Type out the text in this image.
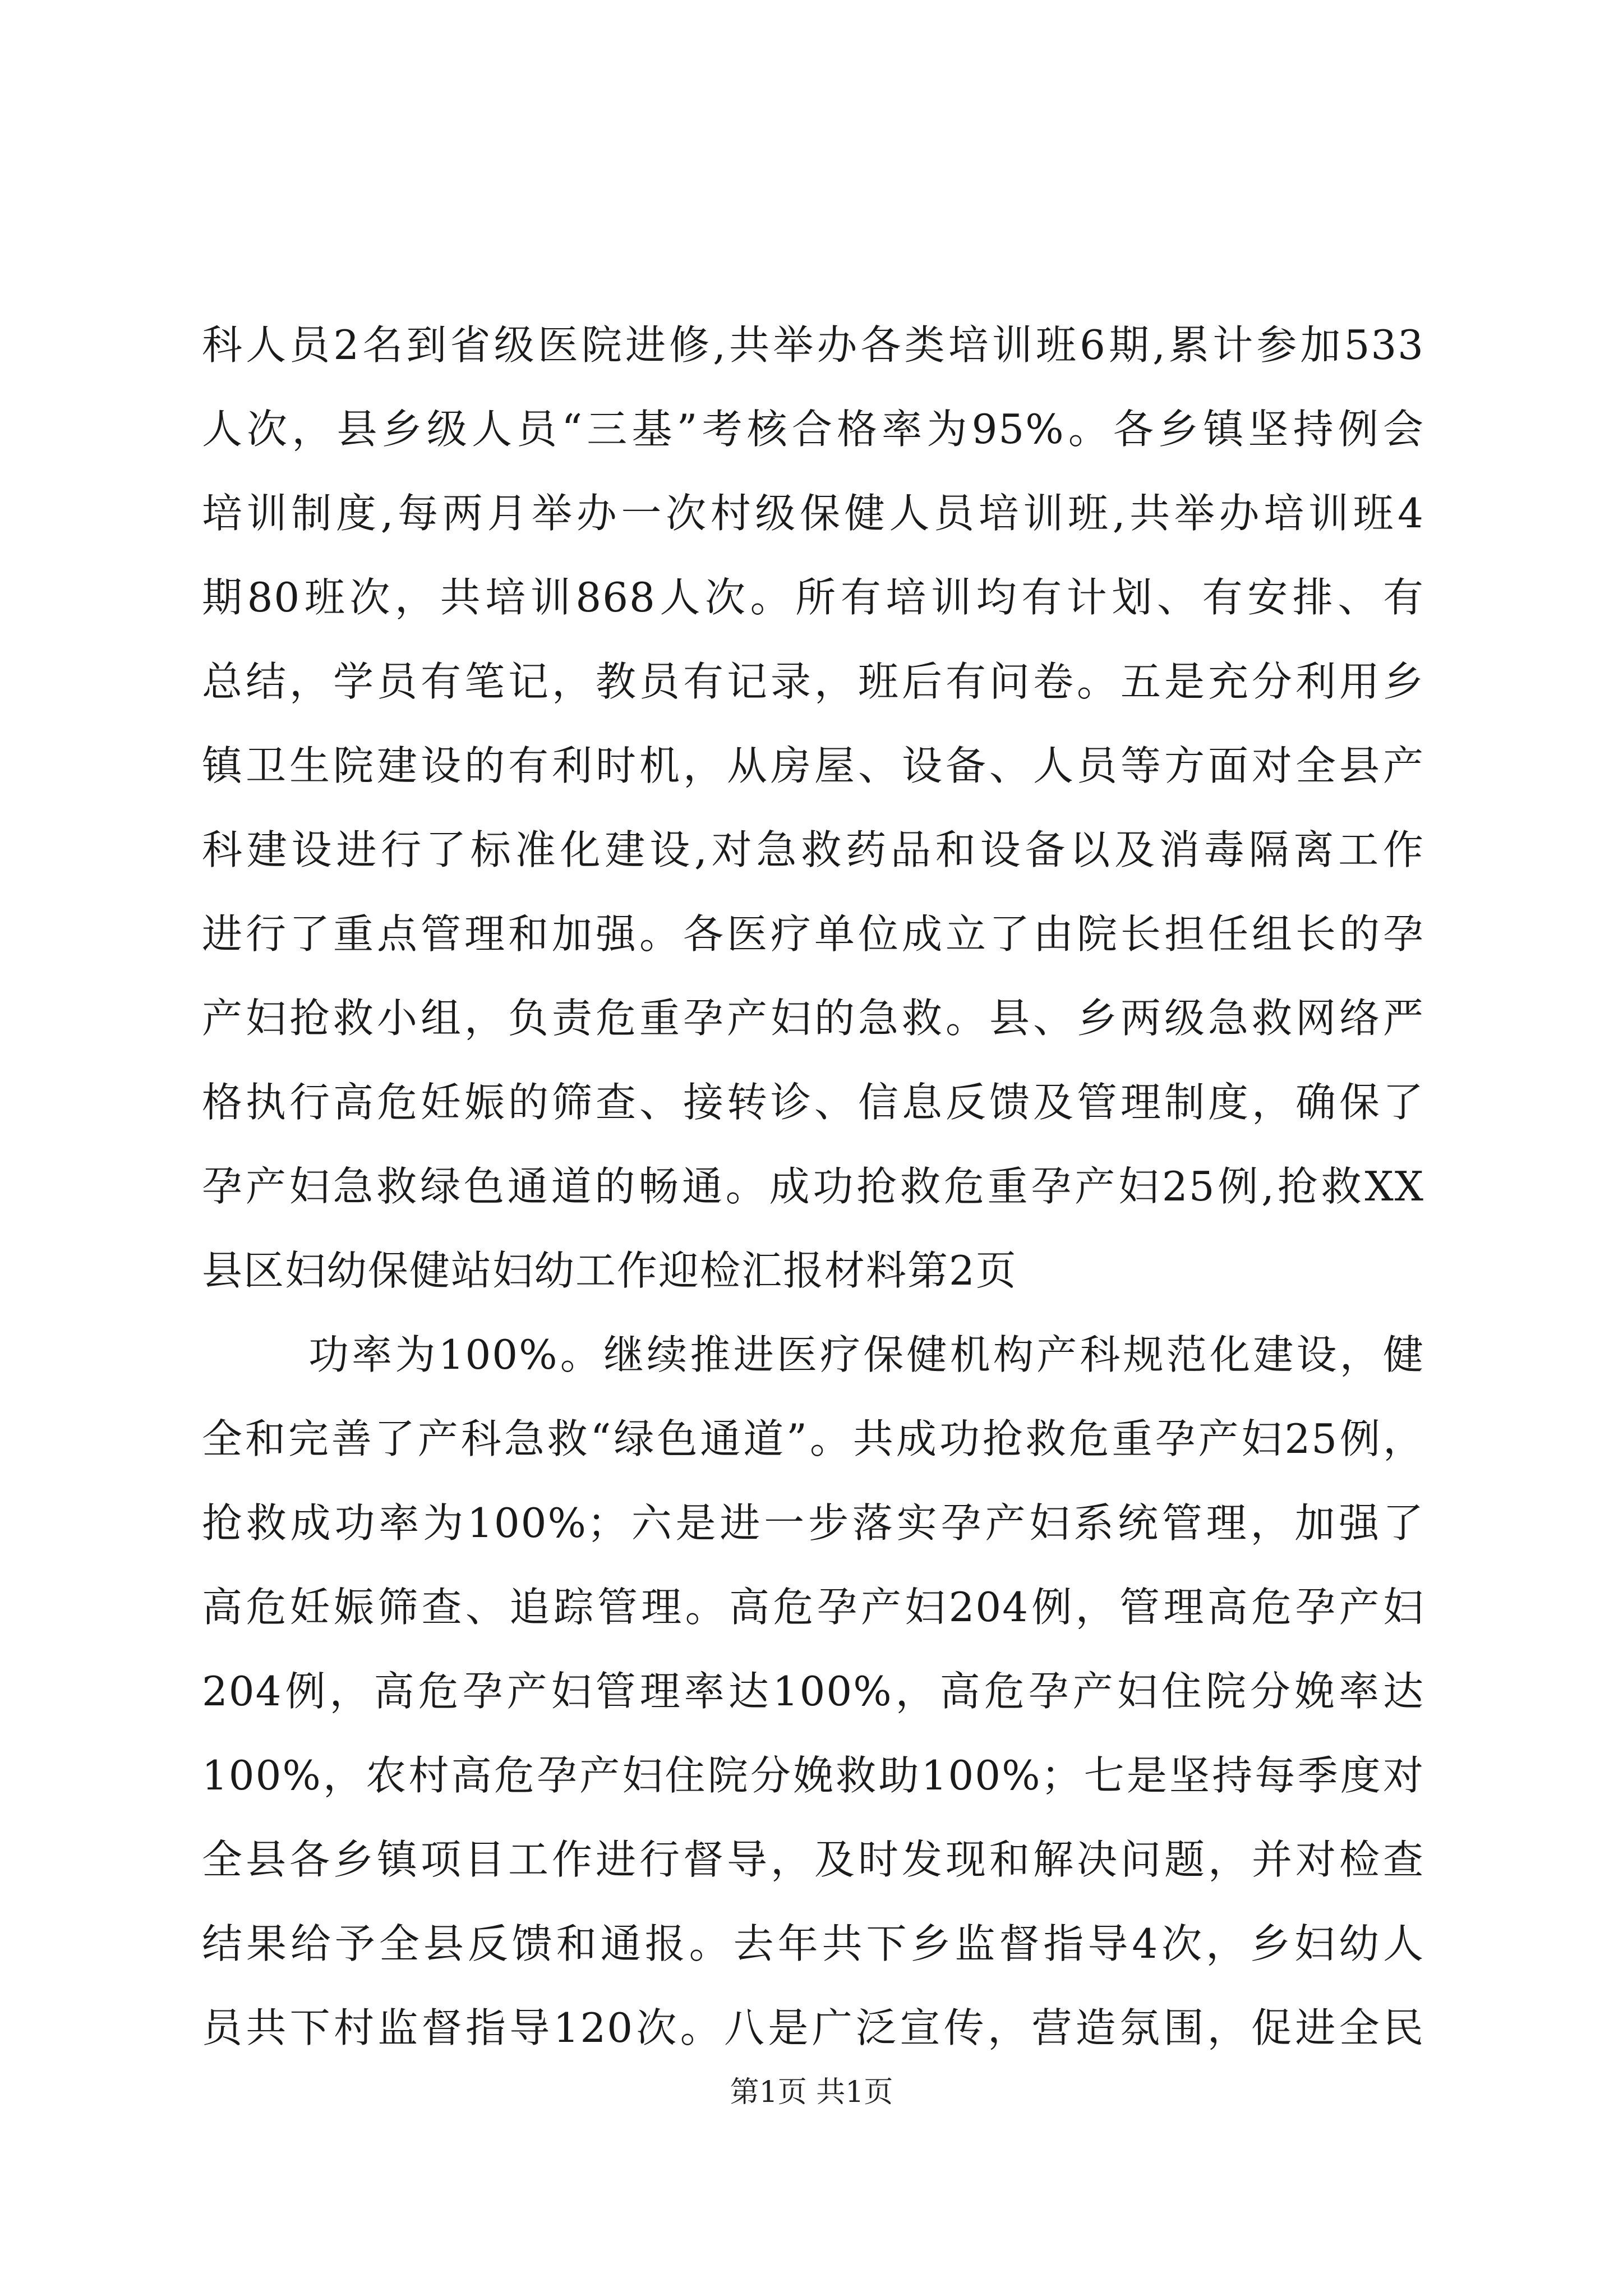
科人员2名到省级医院进修,共举办各类培训班6期,累计参加533
人次，县乡级人员“三基”考核合格率为95%。各乡镇坚持例会
培训制度,每两月举办一次村级保健人员培训班,共举办培训班4
期80班次，共培训868人次。所有培训均有计划、有安排、有
总结，学员有笔记，教员有记录，班后有问卷。五是充分利用乡
镇卫生院建设的有利时机，从房屋、设备、人员等方面对全县产
科建设进行了标准化建设,对急救药品和设备以及消毒隔离工作
进行了重点管理和加强。各医疗单位成立了由院长担任组长的孕
产妇抢救小组，负责危重孕产妇的急救。县、乡两级急救网络严
格执行高危妊娠的筛查、接转诊、信息反馈及管理制度，确保了
孕产妇急救绿色通道的畅通。成功抢救危重孕产妇25例,抢救XX
县区妇幼保健站妇幼工作迎检汇报材料第2页
功率为100%。继续推进医疗保健机构产科规范化建设，健
全和完善了产科急救“绿色通道”。共成功抢救危重孕产妇25例，
抢救成功率为100%；六是进一步落实孕产妇系统管理，加强了
高危妊娠筛查、追踪管理。高危孕产妇204例，管理高危孕产妇
204例，高危孕产妇管理率达100%，高危孕产妇住院分娩率达
100%，农村高危孕产妇住院分娩救助100%；七是坚持每季度对
全县各乡镇项目工作进行督导，及时发现和解决问题，并对检查
结果给予全县反馈和通报。去年共下乡监督指导4次，乡妇幼人
员共下村监督指导120次。八是广泛宣传，营造氛围，促进全民
第1页 共1页
